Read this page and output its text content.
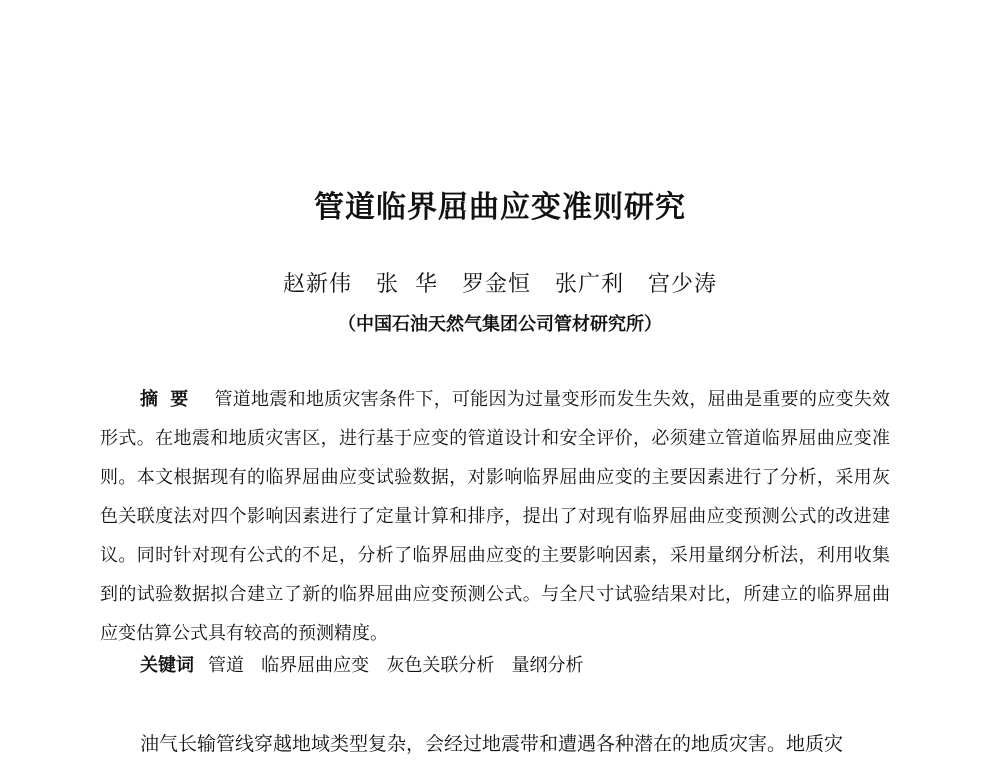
管道临界屈曲应变准则研究
赵新伟   张  华   罗金恒   张广利   宫少涛
（中国石油天然气集团公司管材研究所）
摘要 管道地震和地质灾害条件下，可能因为过量变形而发生失效，屈曲是重要的应变失效形式。在地震和地质灾害区，进行基于应变的管道设计和安全评价，必须建立管道临界屈曲应变准则。本文根据现有的临界屈曲应变试验数据，对影响临界屈曲应变的主要因素进行了分析，采用灰色关联度法对四个影响因素进行了定量计算和排序，提出了对现有临界屈曲应变预测公式的改进建议。同时针对现有公式的不足，分析了临界屈曲应变的主要影响因素，采用量纲分析法，利用收集到的试验数据拟合建立了新的临界屈曲应变预测公式。与全尺寸试验结果对比，所建立的临界屈曲应变估算公式具有较高的预测精度。
关键词 管道   临界屈曲应变   灰色关联分析   量纲分析
油气长输管线穿越地域类型复杂，会经过地震带和遭遇各种潜在的地质灾害。地质灾
